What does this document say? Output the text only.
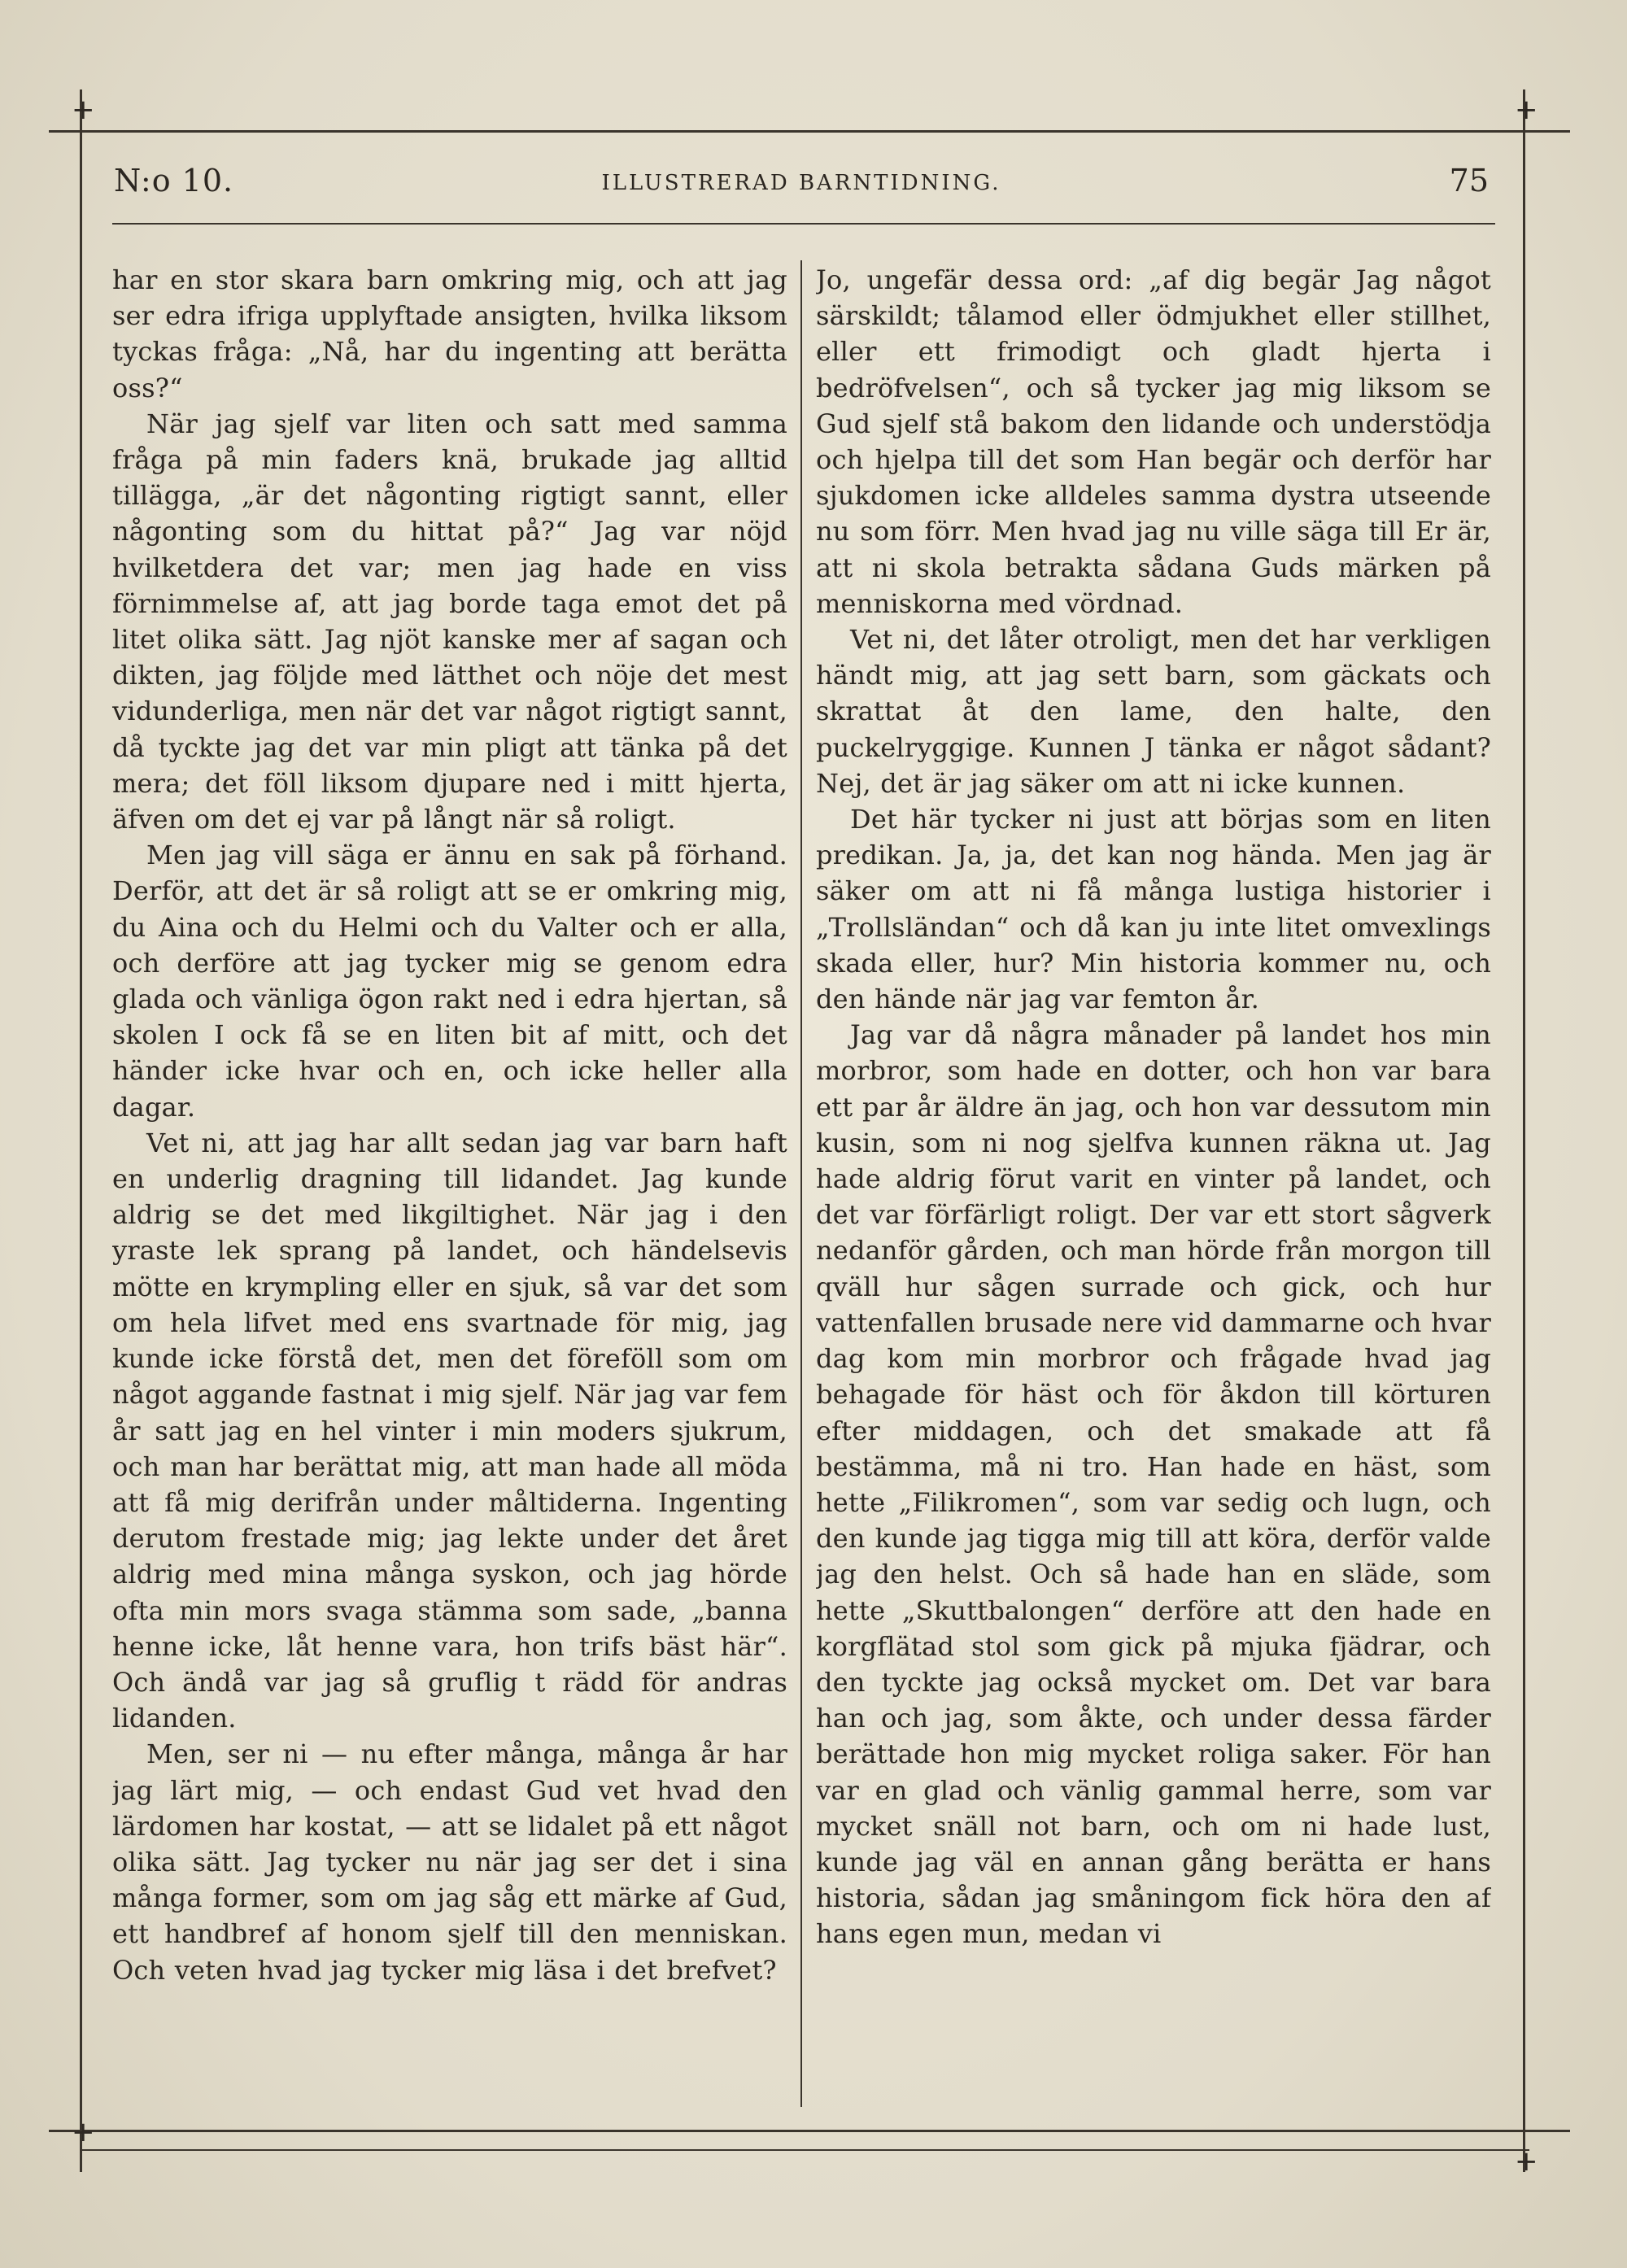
+	+
+
+
N:o 10.	ILLUSTRERAD BARNTIDNING.	75

har en stor skara barn omkring mig, och att jag ser edra ifriga upplyftade ansigten, hvilka liksom tyckas fråga: „Nå, har du ingenting att berätta oss?“

När jag sjelf var liten och satt med samma fråga på min faders knä, brukade jag alltid tillägga, „är det någonting rigtigt sannt, eller någonting som du hittat på?“ Jag var nöjd hvilketdera det var; men jag hade en viss förnimmelse af, att jag borde taga emot det på litet olika sätt. Jag njöt kanske mer af sagan och dikten, jag följde med lätthet och nöje det mest vidunderliga, men när det var något rigtigt sannt, då tyckte jag det var min pligt att tänka på det mera; det föll liksom djupare ned i mitt hjerta, äfven om det ej var på långt när så roligt.

Men jag vill säga er ännu en sak på förhand. Derför, att det är så roligt att se er omkring mig, du Aina och du Helmi och du Valter och er alla, och derföre att jag tycker mig se genom edra glada och vänliga ögon rakt ned i edra hjertan, så skolen I ock få se en liten bit af mitt, och det händer icke hvar och en, och icke heller alla dagar.

Vet ni, att jag har allt sedan jag var barn haft en underlig dragning till lidandet. Jag kunde aldrig se det med likgiltighet. När jag i den yraste lek sprang på landet, och händelsevis mötte en krympling eller en sjuk, så var det som om hela lifvet med ens svartnade för mig, jag kunde icke förstå det, men det föreföll som om något aggande fastnat i mig sjelf. När jag var fem år satt jag en hel vinter i min moders sjukrum, och man har berättat mig, att man hade all möda att få mig derifrån under måltiderna. Ingenting derutom frestade mig; jag lekte under det året aldrig med mina många syskon, och jag hörde ofta min mors svaga stämma som sade, „banna henne icke, låt henne vara, hon trifs bäst här“. Och ändå var jag så gruflig t rädd för andras lidanden.

Men, ser ni — nu efter många, många år har jag lärt mig, — och endast Gud vet hvad den lärdomen har kostat, — att se lidalet på ett något olika sätt. Jag tycker nu när jag ser det i sina många former, som om jag såg ett märke af Gud, ett handbref af honom sjelf till den menniskan. Och veten hvad jag tycker mig läsa i det brefvet?

Jo, ungefär dessa ord: „af dig begär Jag något särskildt; tålamod eller ödmjukhet eller stillhet, eller ett frimodigt och gladt hjerta i bedröfvelsen“, och så tycker jag mig liksom se Gud sjelf stå bakom den lidande och understödja och hjelpa till det som Han begär och derför har sjukdomen icke alldeles samma dystra utseende nu som förr. Men hvad jag nu ville säga till Er är, att ni skola betrakta sådana Guds märken på menniskorna med vördnad.

Vet ni, det låter otroligt, men det har verkligen händt mig, att jag sett barn, som gäckats och skrattat åt den lame, den halte, den puckelryggige. Kunnen J tänka er något sådant? Nej, det är jag säker om att ni icke kunnen.

Det här tycker ni just att börjas som en liten predikan. Ja, ja, det kan nog hända. Men jag är säker om att ni få många lustiga historier i „Trollsländan“ och då kan ju inte litet omvexlings skada eller, hur? Min historia kommer nu, och den hände när jag var femton år.

Jag var då några månader på landet hos min morbror, som hade en dotter, och hon var bara ett par år äldre än jag, och hon var dessutom min kusin, som ni nog sjelfva kunnen räkna ut. Jag hade aldrig förut varit en vinter på landet, och det var förfärligt roligt. Der var ett stort sågverk nedanför gården, och man hörde från morgon till qväll hur sågen surrade och gick, och hur vattenfallen brusade nere vid dammarne och hvar dag kom min morbror och frågade hvad jag behagade för häst och för åkdon till körturen efter middagen, och det smakade att få bestämma, må ni tro. Han hade en häst, som hette „Filikromen“, som var sedig och lugn, och den kunde jag tigga mig till att köra, derför valde jag den helst. Och så hade han en släde, som hette „Skuttbalongen“ derföre att den hade en korgflätad stol som gick på mjuka fjädrar, och den tyckte jag också mycket om. Det var bara han och jag, som åkte, och under dessa färder berättade hon mig mycket roliga saker. För han var en glad och vänlig gammal herre, som var mycket snäll not barn, och om ni hade lust, kunde jag väl en annan gång berätta er hans historia, sådan jag småningom fick höra den af hans egen mun, medan vi
